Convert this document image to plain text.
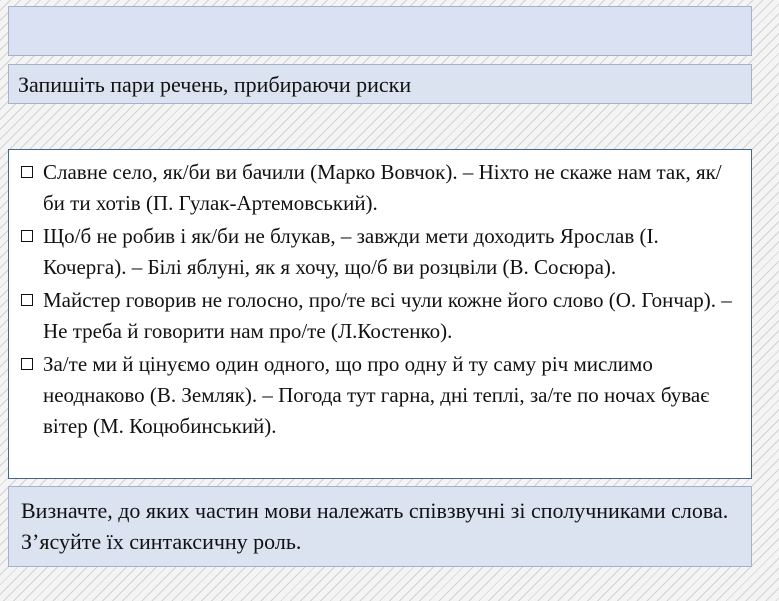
Запишіть пари речень, прибираючи риски
Славне село, як/би ви бачили (Марко Вовчок). – Ніхто не скаже нам так, як/би ти хотів (П. Гулак-Артемовський).
Що/б не робив і як/би не блукав, – завжди мети доходить Ярослав (І. Кочерга). – Білі яблуні, як я хочу, що/б ви розцвіли (В. Сосюра).
Майстер говорив не голосно, про/те всі чули кожне його слово (О. Гончар). – Не треба й говорити нам про/те (Л.Костенко).
За/те ми й цінуємо один одного, що про одну й ту саму річ мислимо неоднаково (В. Земляк). – Погода тут гарна, дні теплі, за/те по ночах буває вітер (М. Коцюбинський).
Визначте, до яких частин мови належать співзвучні зі сполучниками слова. З’ясуйте їх синтаксичну роль.
